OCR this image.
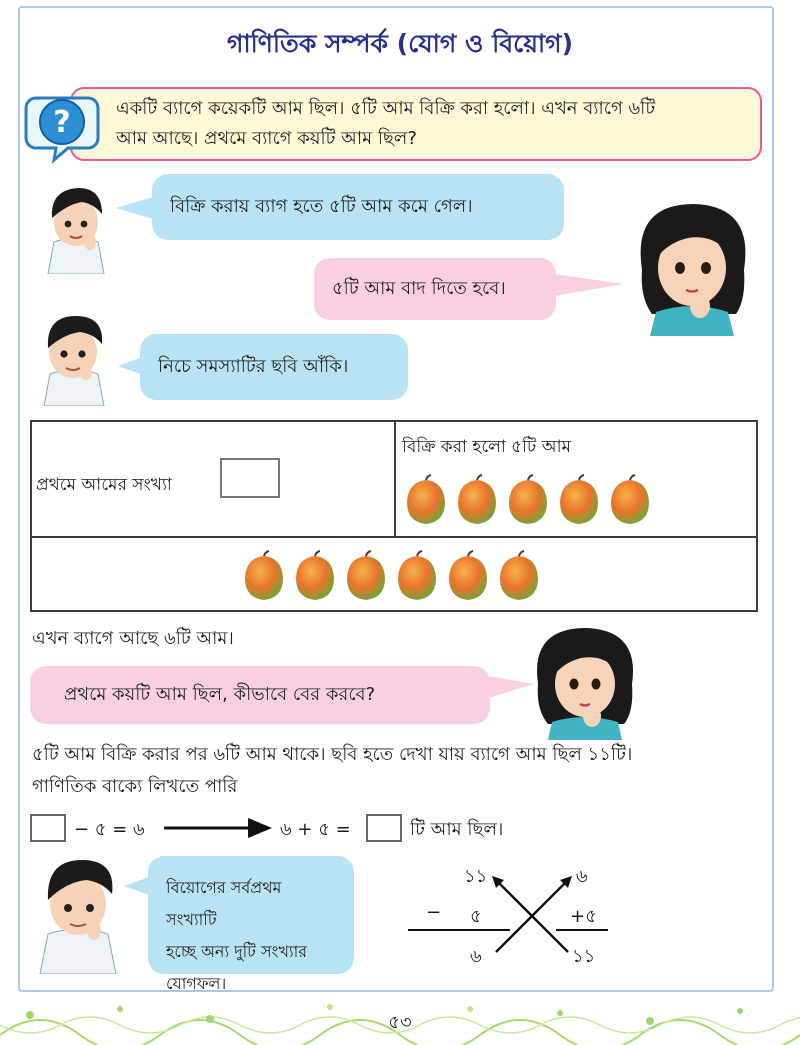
গাণিতিক সম্পর্ক (যোগ ও বিয়োগ)
?	একটি ব্যাগে কয়েকটি আম ছিল। ৫টি আম বিক্রি করা হলো। এখন ব্যাগে ৬টি
আম আছে। প্রথমে ব্যাগে কয়টি আম ছিল?
বিক্রি করায় ব্যাগ হতে ৫টি আম কমে গেল।
৫টি আম বাদ দিতে হবে।
নিচে সমস্যাটির ছবি আঁকি।
প্রথমে আমের সংখ্যা
বিক্রি করা হলো ৫টি আম
এখন ব্যাগে আছে ৬টি আম।
প্রথমে কয়টি আম ছিল, কীভাবে বের করবে?
৫টি আম বিক্রি করার পর ৬টি আম থাকে। ছবি হতে দেখা যায় ব্যাগে আম ছিল ১১টি।
গাণিতিক বাক্যে লিখতে পারি
− ৫ = ৬	৬ + ৫ =	টি আম ছিল।
বিয়োগের সর্বপ্রথম সংখ্যাটি
হচ্ছে অন্য দুটি সংখ্যার
যোগফল।
১১
− ৫
৬
৬
+৫
১১
৫৩
